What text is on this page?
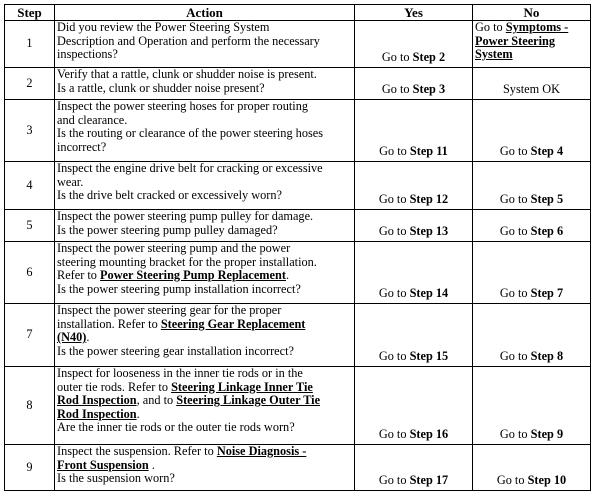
Step	Action	Yes	No
1	Did you review the Power Steering System
Description and Operation and perform the necessary
inspections?	Go to Step 2	Go to Symptoms - Power Steering System
2	Verify that a rattle, clunk or shudder noise is present.
Is a rattle, clunk or shudder noise present?	Go to Step 3	System OK
3	Inspect the power steering hoses for proper routing
and clearance.
Is the routing or clearance of the power steering hoses
incorrect?	Go to Step 11	Go to Step 4
4	Inspect the engine drive belt for cracking or excessive
wear.
Is the drive belt cracked or excessively worn?	Go to Step 12	Go to Step 5
5	Inspect the power steering pump pulley for damage.
Is the power steering pump pulley damaged?	Go to Step 13	Go to Step 6
6	Inspect the power steering pump and the power
steering mounting bracket for the proper installation.
Refer to Power Steering Pump Replacement.
Is the power steering pump installation incorrect?	Go to Step 14	Go to Step 7
7	Inspect the power steering gear for the proper
installation. Refer to Steering Gear Replacement
(N40).
Is the power steering gear installation incorrect?	Go to Step 15	Go to Step 8
8	Inspect for looseness in the inner tie rods or in the
outer tie rods. Refer to Steering Linkage Inner Tie
Rod Inspection, and to Steering Linkage Outer Tie
Rod Inspection.
Are the inner tie rods or the outer tie rods worn?	Go to Step 16	Go to Step 9
9	Inspect the suspension. Refer to Noise Diagnosis -
Front Suspension .
Is the suspension worn?	Go to Step 17	Go to Step 10
